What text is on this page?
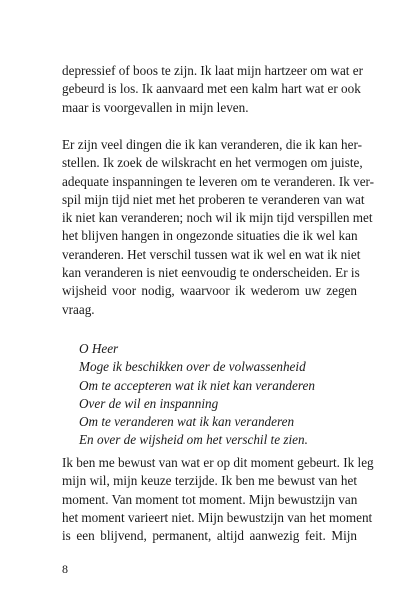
depressief of boos te zijn. Ik laat mijn hartzeer om wat er
gebeurd is los. Ik aanvaard met een kalm hart wat er ook
maar is voorgevallen in mijn leven.
Er zijn veel dingen die ik kan veranderen, die ik kan her-
stellen. Ik zoek de wilskracht en het vermogen om juiste,
adequate inspanningen te leveren om te veranderen. Ik ver-
spil mijn tijd niet met het proberen te veranderen van wat
ik niet kan veranderen; noch wil ik mijn tijd verspillen met
het blijven hangen in ongezonde situaties die ik wel kan
veranderen. Het verschil tussen wat ik wel en wat ik niet
kan veranderen is niet eenvoudig te onderscheiden. Er is
wijsheid voor nodig, waarvoor ik wederom uw zegen
vraag.
O Heer
Moge ik beschikken over de volwassenheid
Om te accepteren wat ik niet kan veranderen
Over de wil en inspanning
Om te veranderen wat ik kan veranderen
En over de wijsheid om het verschil te zien.
Ik ben me bewust van wat er op dit moment gebeurt. Ik leg
mijn wil, mijn keuze terzijde. Ik ben me bewust van het
moment. Van moment tot moment. Mijn bewustzijn van
het moment varieert niet. Mijn bewustzijn van het moment
is een blijvend, permanent, altijd aanwezig feit. Mijn
8
